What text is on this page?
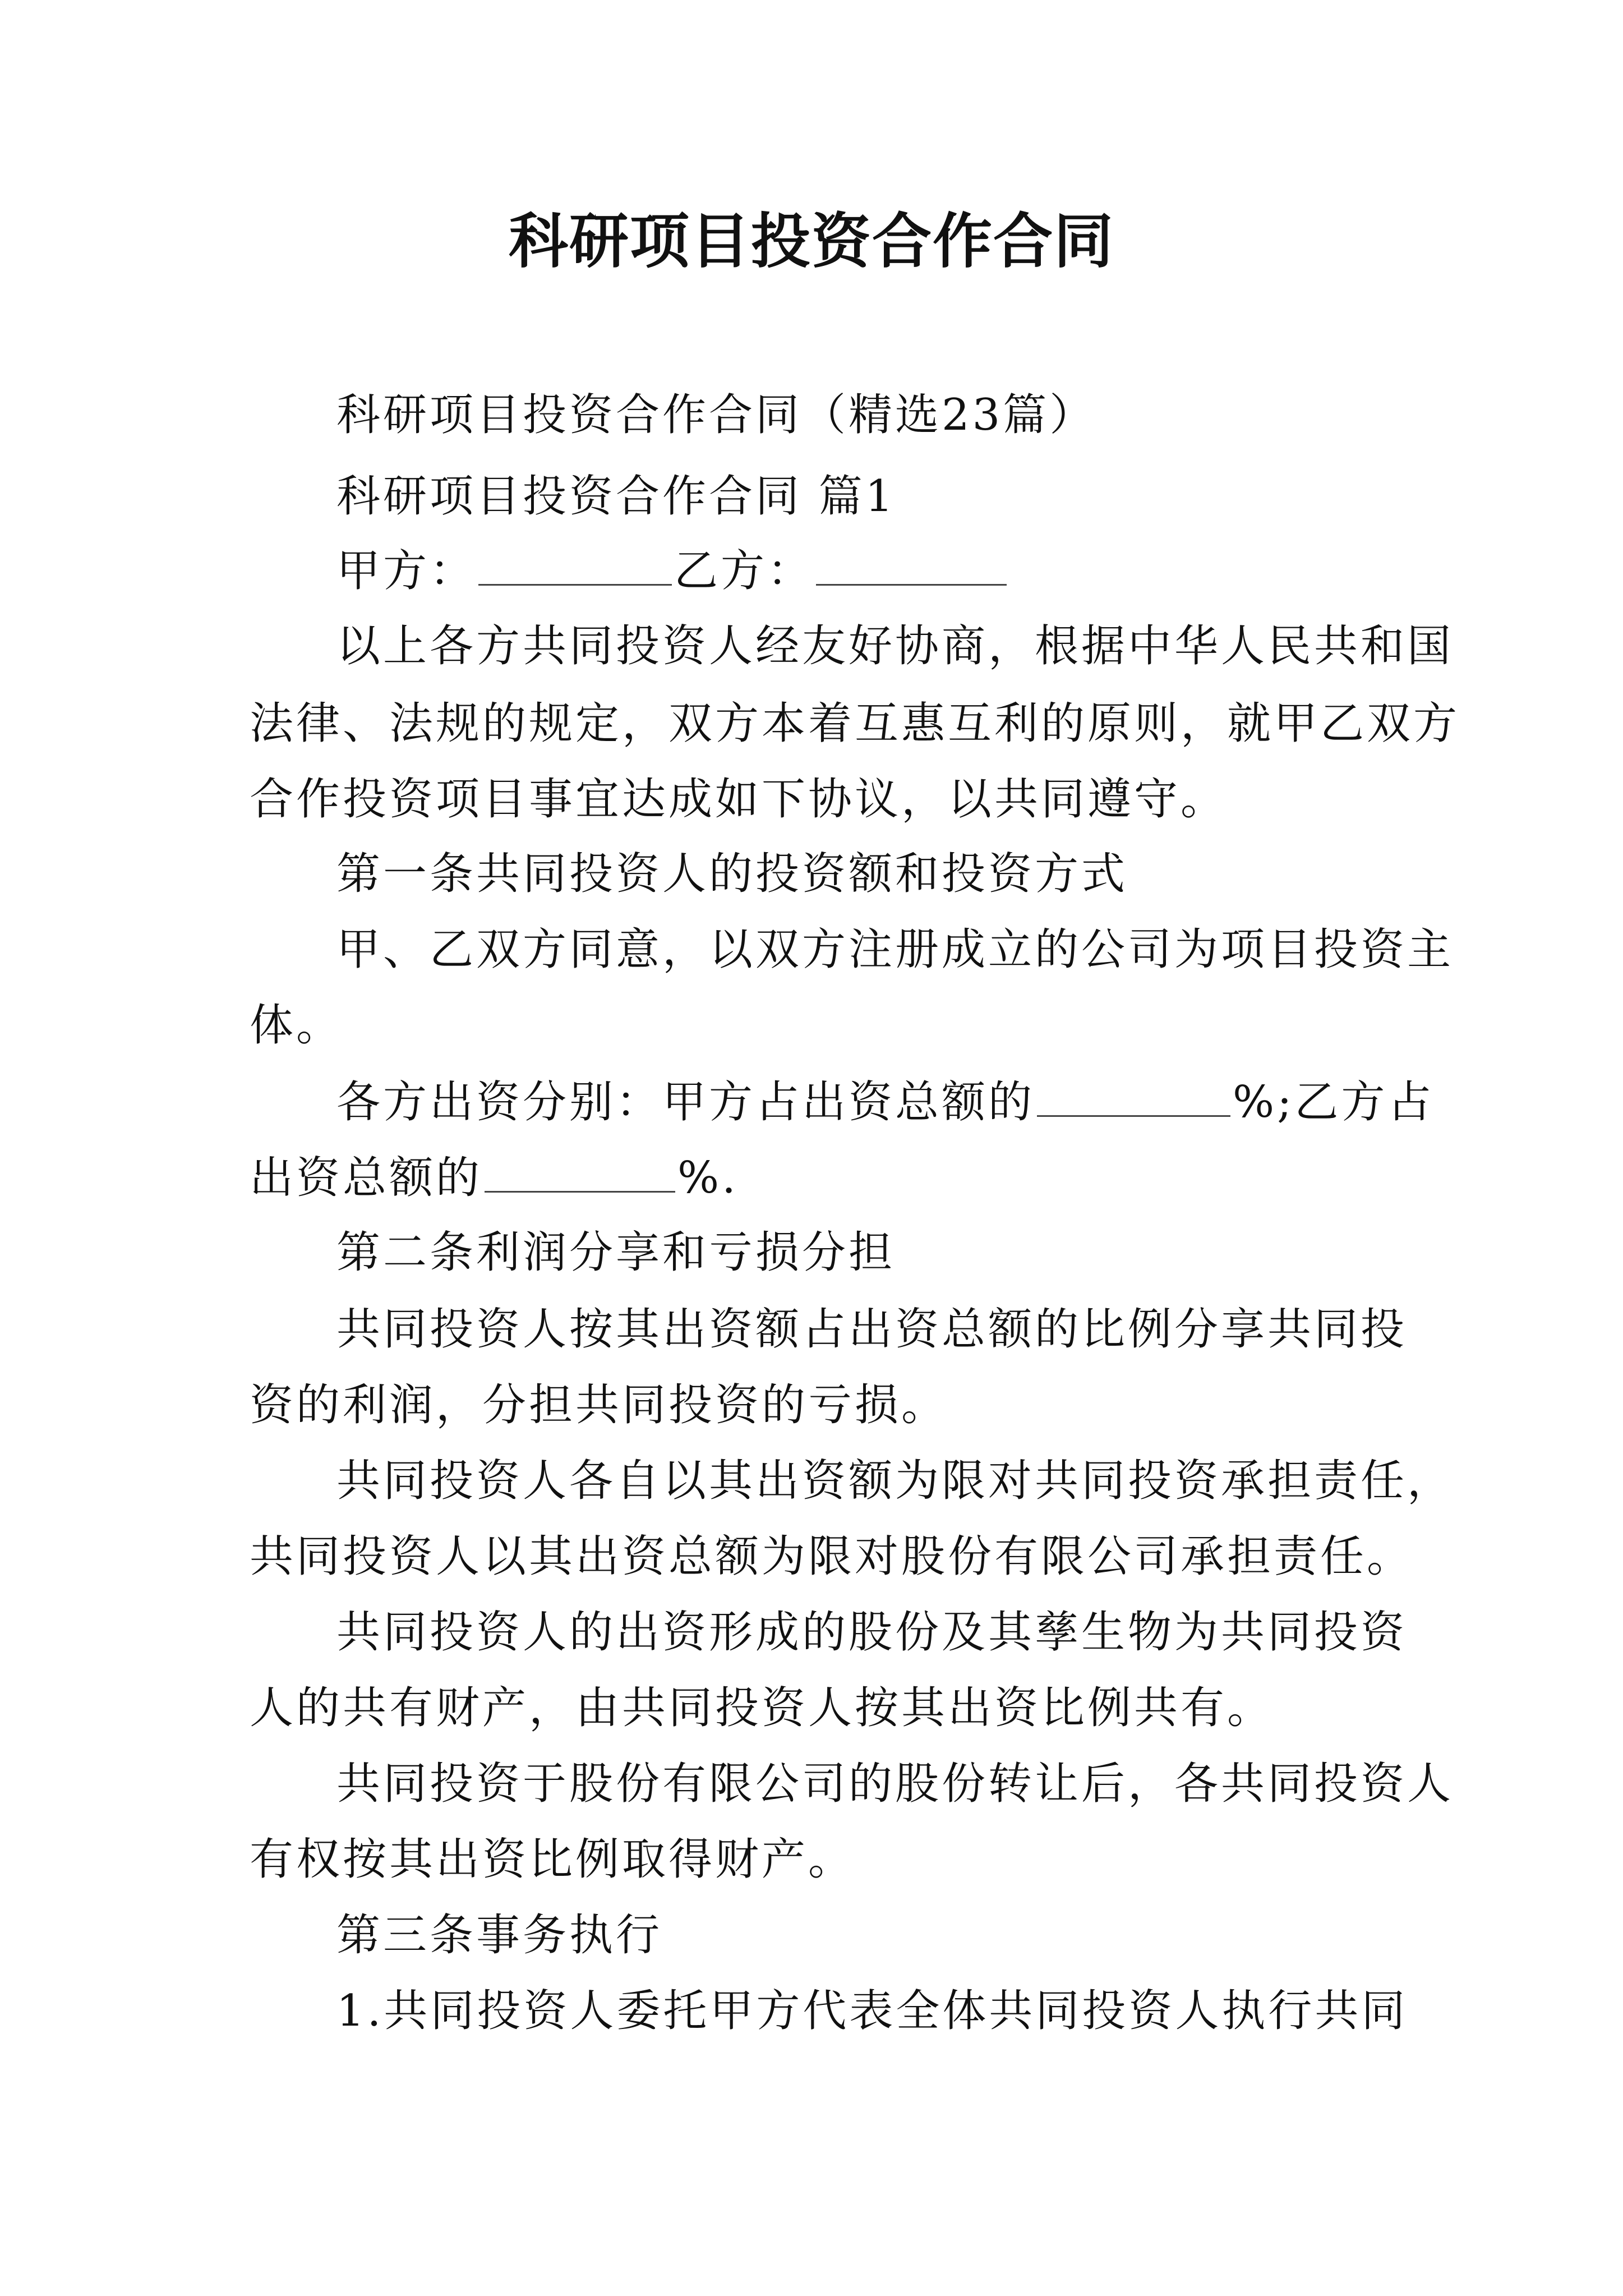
科研项目投资合作合同
科研项目投资合作合同（精选23篇）
科研项目投资合作合同 篇1
甲方：	乙方：
以上各方共同投资人经友好协商，根据中华人民共和国
法律、法规的规定，双方本着互惠互利的原则，就甲乙双方
合作投资项目事宜达成如下协议，以共同遵守。
第一条共同投资人的投资额和投资方式
甲、乙双方同意，以双方注册成立的公司为项目投资主
体。
各方出资分别：甲方占出资总额的	%;乙方占
出资总额的	%.
第二条利润分享和亏损分担
共同投资人按其出资额占出资总额的比例分享共同投
资的利润，分担共同投资的亏损。
共同投资人各自以其出资额为限对共同投资承担责任，
共同投资人以其出资总额为限对股份有限公司承担责任。
共同投资人的出资形成的股份及其孳生物为共同投资
人的共有财产，由共同投资人按其出资比例共有。
共同投资于股份有限公司的股份转让后，各共同投资人
有权按其出资比例取得财产。
第三条事务执行
1.共同投资人委托甲方代表全体共同投资人执行共同
